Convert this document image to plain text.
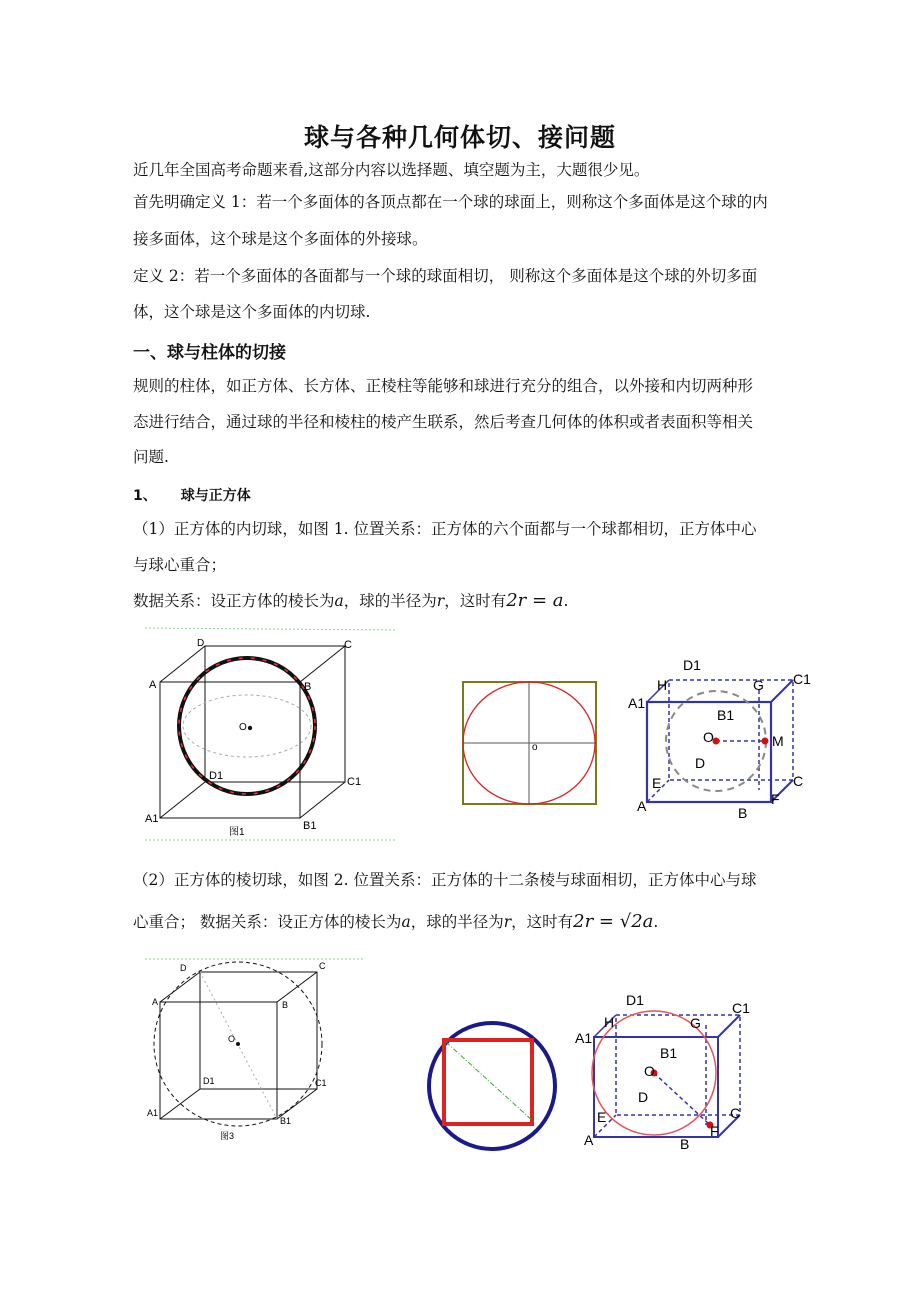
球与各种几何体切、接问题
近几年全国高考命题来看,这部分内容以选择题、填空题为主，大题很少见。
首先明确定义 1：若一个多面体的各顶点都在一个球的球面上，则称这个多面体是这个球的内
接多面体，这个球是这个多面体的外接球。
定义 2：若一个多面体的各面都与一个球的球面相切， 则称这个多面体是这个球的外切多面
体，这个球是这个多面体的内切球.
一、球与柱体的切接
规则的柱体，如正方体、长方体、正棱柱等能够和球进行充分的组合，以外接和内切两种形
态进行结合，通过球的半径和棱柱的棱产生联系，然后考查几何体的体积或者表面积等相关
问题.
1、 球与正方体
（1）正方体的内切球，如图 1. 位置关系：正方体的六个面都与一个球都相切，正方体中心
与球心重合；
数据关系：设正方体的棱长为a，球的半径为r，这时有2r = a.
O
D	C
A	B
D1	C1
A1
B1
图1
o
D1
C1
H	G
A1
B1
O	M
D
E	C
F
A	B
（2）正方体的棱切球，如图 2. 位置关系：正方体的十二条棱与球面相切，正方体中心与球
心重合； 数据关系：设正方体的棱长为a，球的半径为r，这时有2r = √2a.
O
D	C
A	B
D1	C1
A1
B1
图3
D1	C1
H	G
A1
B1
O
D
E	C
F
A	B
